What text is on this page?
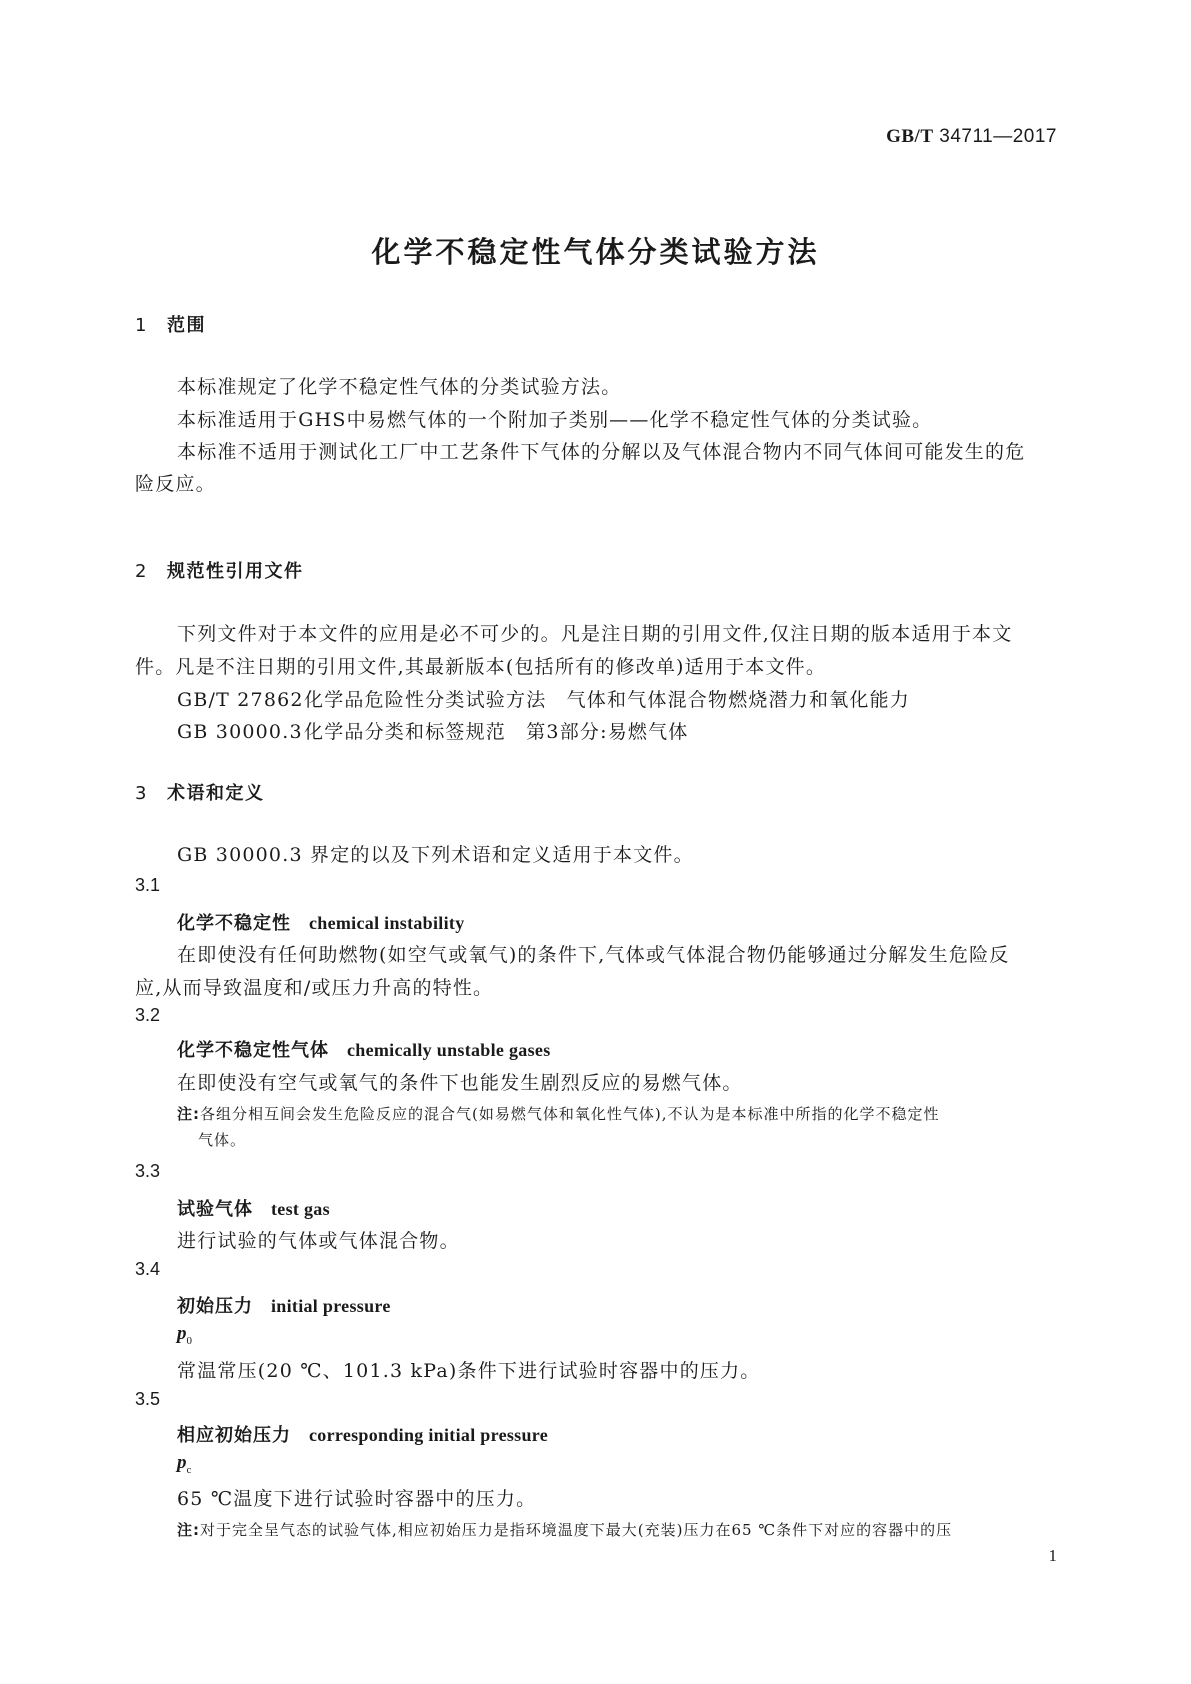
GB/T 34711—2017
化学不稳定性气体分类试验方法
1 范围
本标准规定了化学不稳定性气体的分类试验方法。
本标准适用于GHS中易燃气体的一个附加子类别——化学不稳定性气体的分类试验。
本标准不适用于测试化工厂中工艺条件下气体的分解以及气体混合物内不同气体间可能发生的危
险反应。
2 规范性引用文件
下列文件对于本文件的应用是必不可少的。凡是注日期的引用文件,仅注日期的版本适用于本文
件。凡是不注日期的引用文件,其最新版本(包括所有的修改单)适用于本文件。
GB/T 27862化学品危险性分类试验方法　气体和气体混合物燃烧潜力和氧化能力
GB 30000.3化学品分类和标签规范　第3部分:易燃气体
3 术语和定义
GB 30000.3 界定的以及下列术语和定义适用于本文件。
3.1
化学不稳定性 chemical instability
在即使没有任何助燃物(如空气或氧气)的条件下,气体或气体混合物仍能够通过分解发生危险反
应,从而导致温度和/或压力升高的特性。
3.2
化学不稳定性气体 chemically unstable gases
在即使没有空气或氧气的条件下也能发生剧烈反应的易燃气体。
注:各组分相互间会发生危险反应的混合气(如易燃气体和氧化性气体),不认为是本标准中所指的化学不稳定性
气体。
3.3
试验气体 test gas
进行试验的气体或气体混合物。
3.4
初始压力 initial pressure
$p_0$
常温常压(20 ℃、101.3 kPa)条件下进行试验时容器中的压力。
3.5
相应初始压力 corresponding initial pressure
$p_c$
65 ℃温度下进行试验时容器中的压力。
注:对于完全呈气态的试验气体,相应初始压力是指环境温度下最大(充装)压力在65 ℃条件下对应的容器中的压
1
